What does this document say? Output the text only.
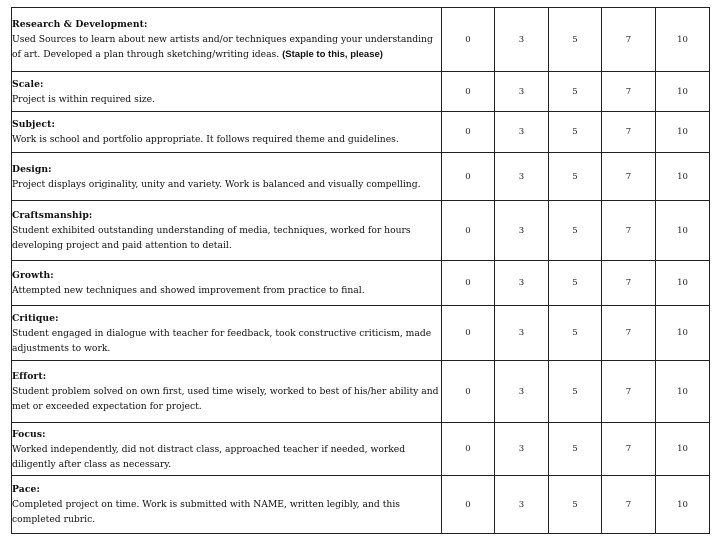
Research & Development:
Used Sources to learn about new artists and/or techniques expanding your understanding of art. Developed a plan through sketching/writing ideas. (Staple to this, please)	0	3	5	7	10

Scale:
Project is within required size.	0	3	5	7	10

Subject:
Work is school and portfolio appropriate. It follows required theme and guidelines.	0	3	5	7	10

Design:
Project displays originality, unity and variety. Work is balanced and visually compelling.	0	3	5	7	10

Craftsmanship:
Student exhibited outstanding understanding of media, techniques, worked for hours developing project and paid attention to detail.	0	3	5	7	10

Growth:
Attempted new techniques and showed improvement from practice to final.	0	3	5	7	10

Critique:
Student engaged in dialogue with teacher for feedback, took constructive criticism, made adjustments to work.	0	3	5	7	10

Effort:
Student problem solved on own first, used time wisely, worked to best of his/her ability and met or exceeded expectation for project.	0	3	5	7	10

Focus:
Worked independently, did not distract class, approached teacher if needed, worked diligently after class as necessary.	0	3	5	7	10

Pace:
Completed project on time. Work is submitted with NAME, written legibly, and this completed rubric.	0	3	5	7	10
